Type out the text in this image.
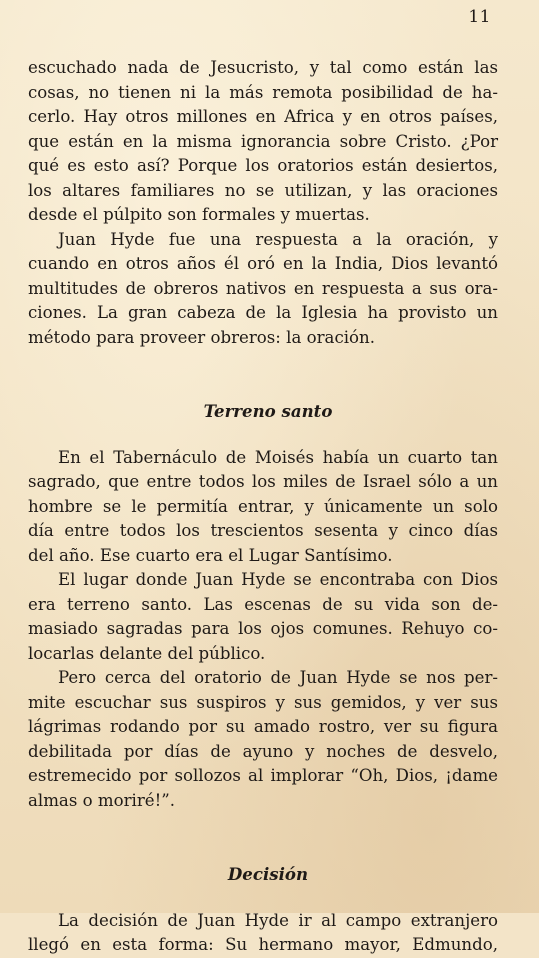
11

escuchado nada de Jesucristo, y tal como están las
cosas, no tienen ni la más remota posibilidad de ha-
cerlo. Hay otros millones en Africa y en otros países,
que están en la misma ignorancia sobre Cristo. ¿Por
qué es esto así? Porque los oratorios están desiertos,
los altares familiares no se utilizan, y las oraciones
desde el púlpito son formales y muertas.

Juan Hyde fue una respuesta a la oración, y
cuando en otros años él oró en la India, Dios levantó
multitudes de obreros nativos en respuesta a sus ora-
ciones. La gran cabeza de la Iglesia ha provisto un
método para proveer obreros: la oración.

Terreno santo

En el Tabernáculo de Moisés había un cuarto tan
sagrado, que entre todos los miles de Israel sólo a un
hombre se le permitía entrar, y únicamente un solo
día entre todos los trescientos sesenta y cinco días
del año. Ese cuarto era el Lugar Santísimo.

El lugar donde Juan Hyde se encontraba con Dios
era terreno santo. Las escenas de su vida son de-
masiado sagradas para los ojos comunes. Rehuyo co-
locarlas delante del público.

Pero cerca del oratorio de Juan Hyde se nos per-
mite escuchar sus suspiros y sus gemidos, y ver sus
lágrimas rodando por su amado rostro, ver su figura
debilitada por días de ayuno y noches de desvelo,
estremecido por sollozos al implorar “Oh, Dios, ¡dame
almas o moriré!”.

Decisión

La decisión de Juan Hyde ir al campo extranjero
llegó en esta forma: Su hermano mayor, Edmundo,
